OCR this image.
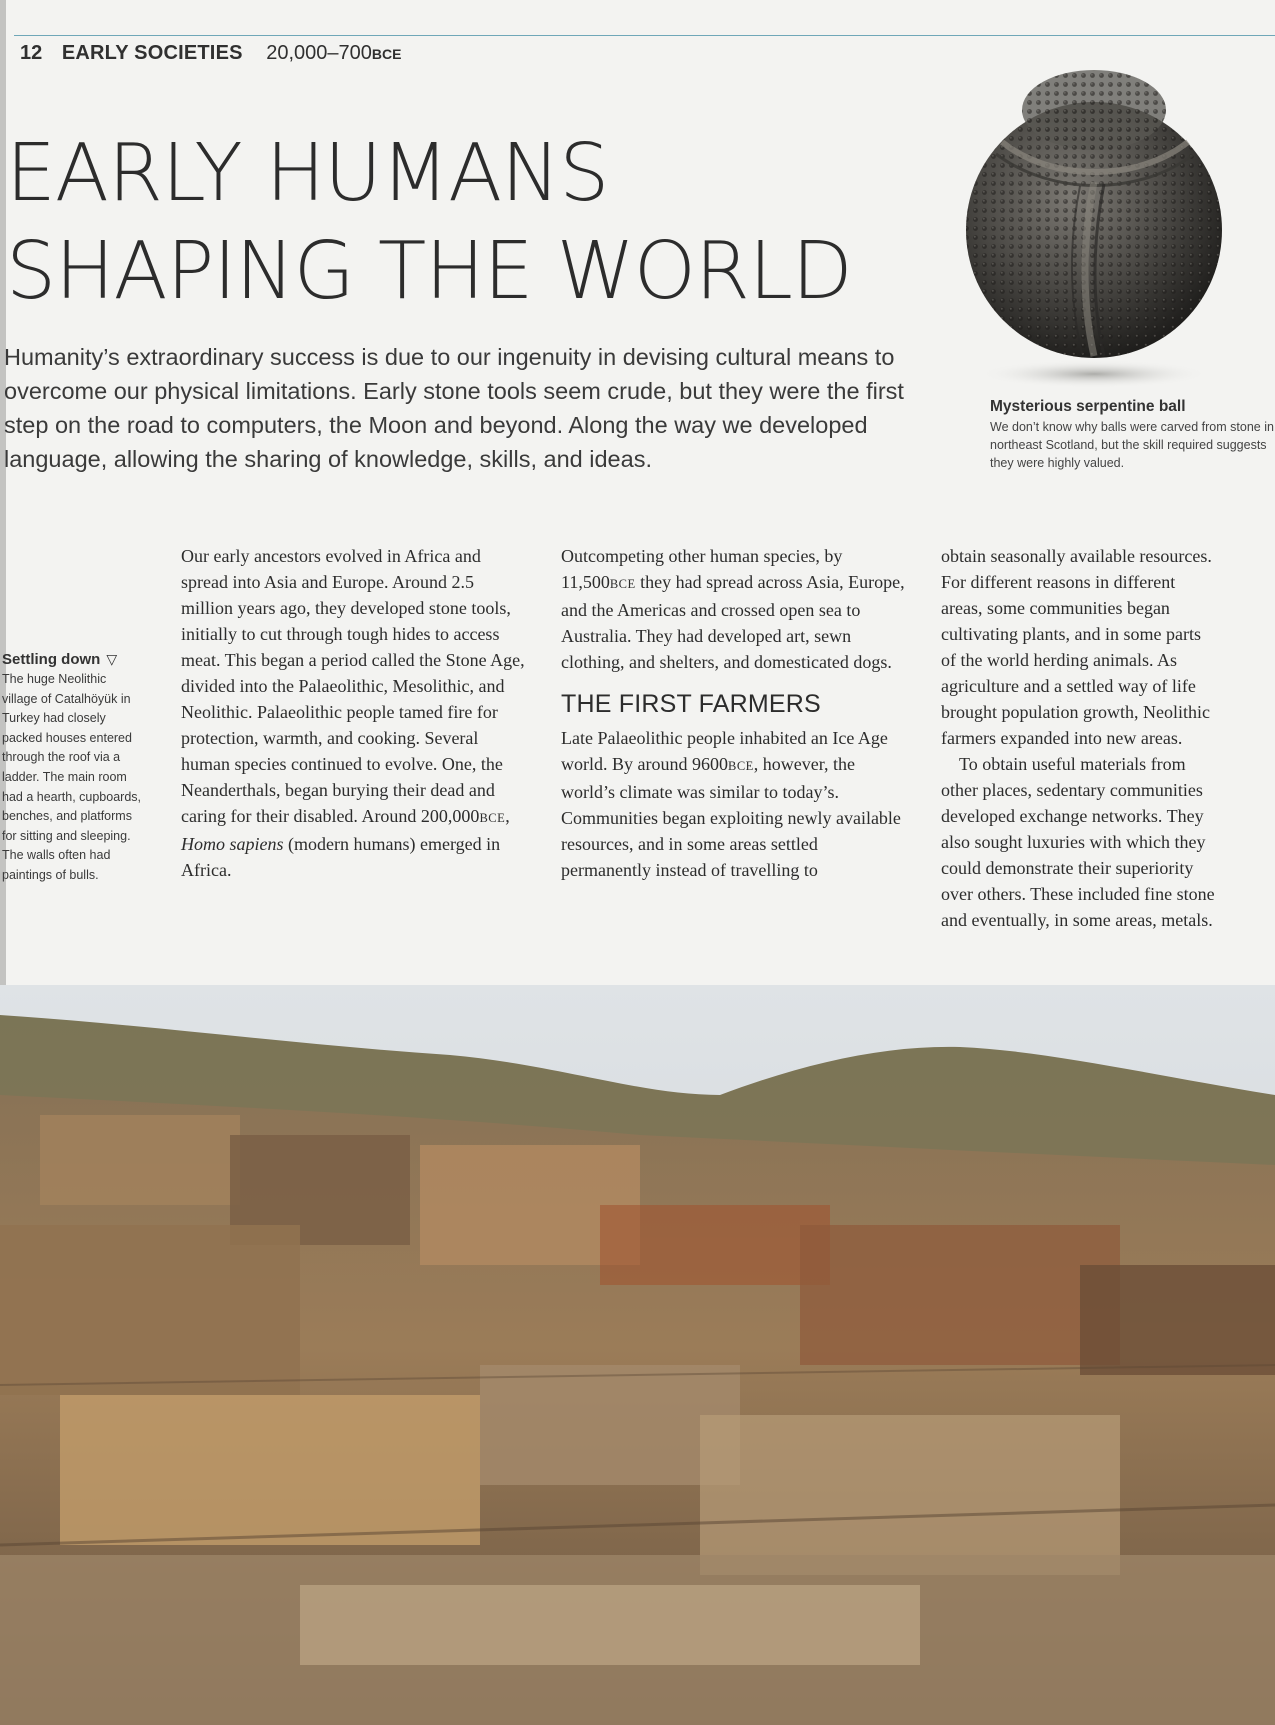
12 EARLY SOCIETIES 20,000–700BCE
EARLY HUMANS
SHAPING THE WORLD

Humanity’s extraordinary success is due to our ingenuity in devising cultural means to overcome our physical limitations. Early stone tools seem crude, but they were the first step on the road to computers, the Moon and beyond. Along the way we developed language, allowing the sharing of knowledge, skills, and ideas.

Mysterious serpentine ball
We don’t know why balls were carved from stone in northeast Scotland, but the skill required suggests they were highly valued.
Settling down ▽
The huge Neolithic village of Catalhöyük in Turkey had closely packed houses entered through the roof via a ladder. The main room had a hearth, cupboards, benches, and platforms for sitting and sleeping. The walls often had paintings of bulls.

Our early ancestors evolved in Africa and spread into Asia and Europe. Around 2.5 million years ago, they developed stone tools, initially to cut through tough hides to access meat. This began a period called the Stone Age, divided into the Palaeolithic, Mesolithic, and Neolithic. Palaeolithic people tamed fire for protection, warmth, and cooking. Several human species continued to evolve. One, the Neanderthals, began burying their dead and caring for their disabled. Around 200,000BCE, Homo sapiens (modern humans) emerged in Africa.

Outcompeting other human species, by 11,500BCE they had spread across Asia, Europe, and the Americas and crossed open sea to Australia. They had developed art, sewn clothing, and shelters, and domesticated dogs.

THE FIRST FARMERS

Late Palaeolithic people inhabited an Ice Age world. By around 9600BCE, however, the world’s climate was similar to today’s. Communities began exploiting newly available resources, and in some areas settled permanently instead of travelling to

obtain seasonally available resources.
For different reasons in different
areas, some communities began
cultivating plants, and in some parts
of the world herding animals. As
agriculture and a settled way of life
brought population growth, Neolithic
farmers expanded into new areas.
To obtain useful materials from
other places, sedentary communities
developed exchange networks. They
also sought luxuries with which they
could demonstrate their superiority
over others. These included fine stone
and eventually, in some areas, metals.
